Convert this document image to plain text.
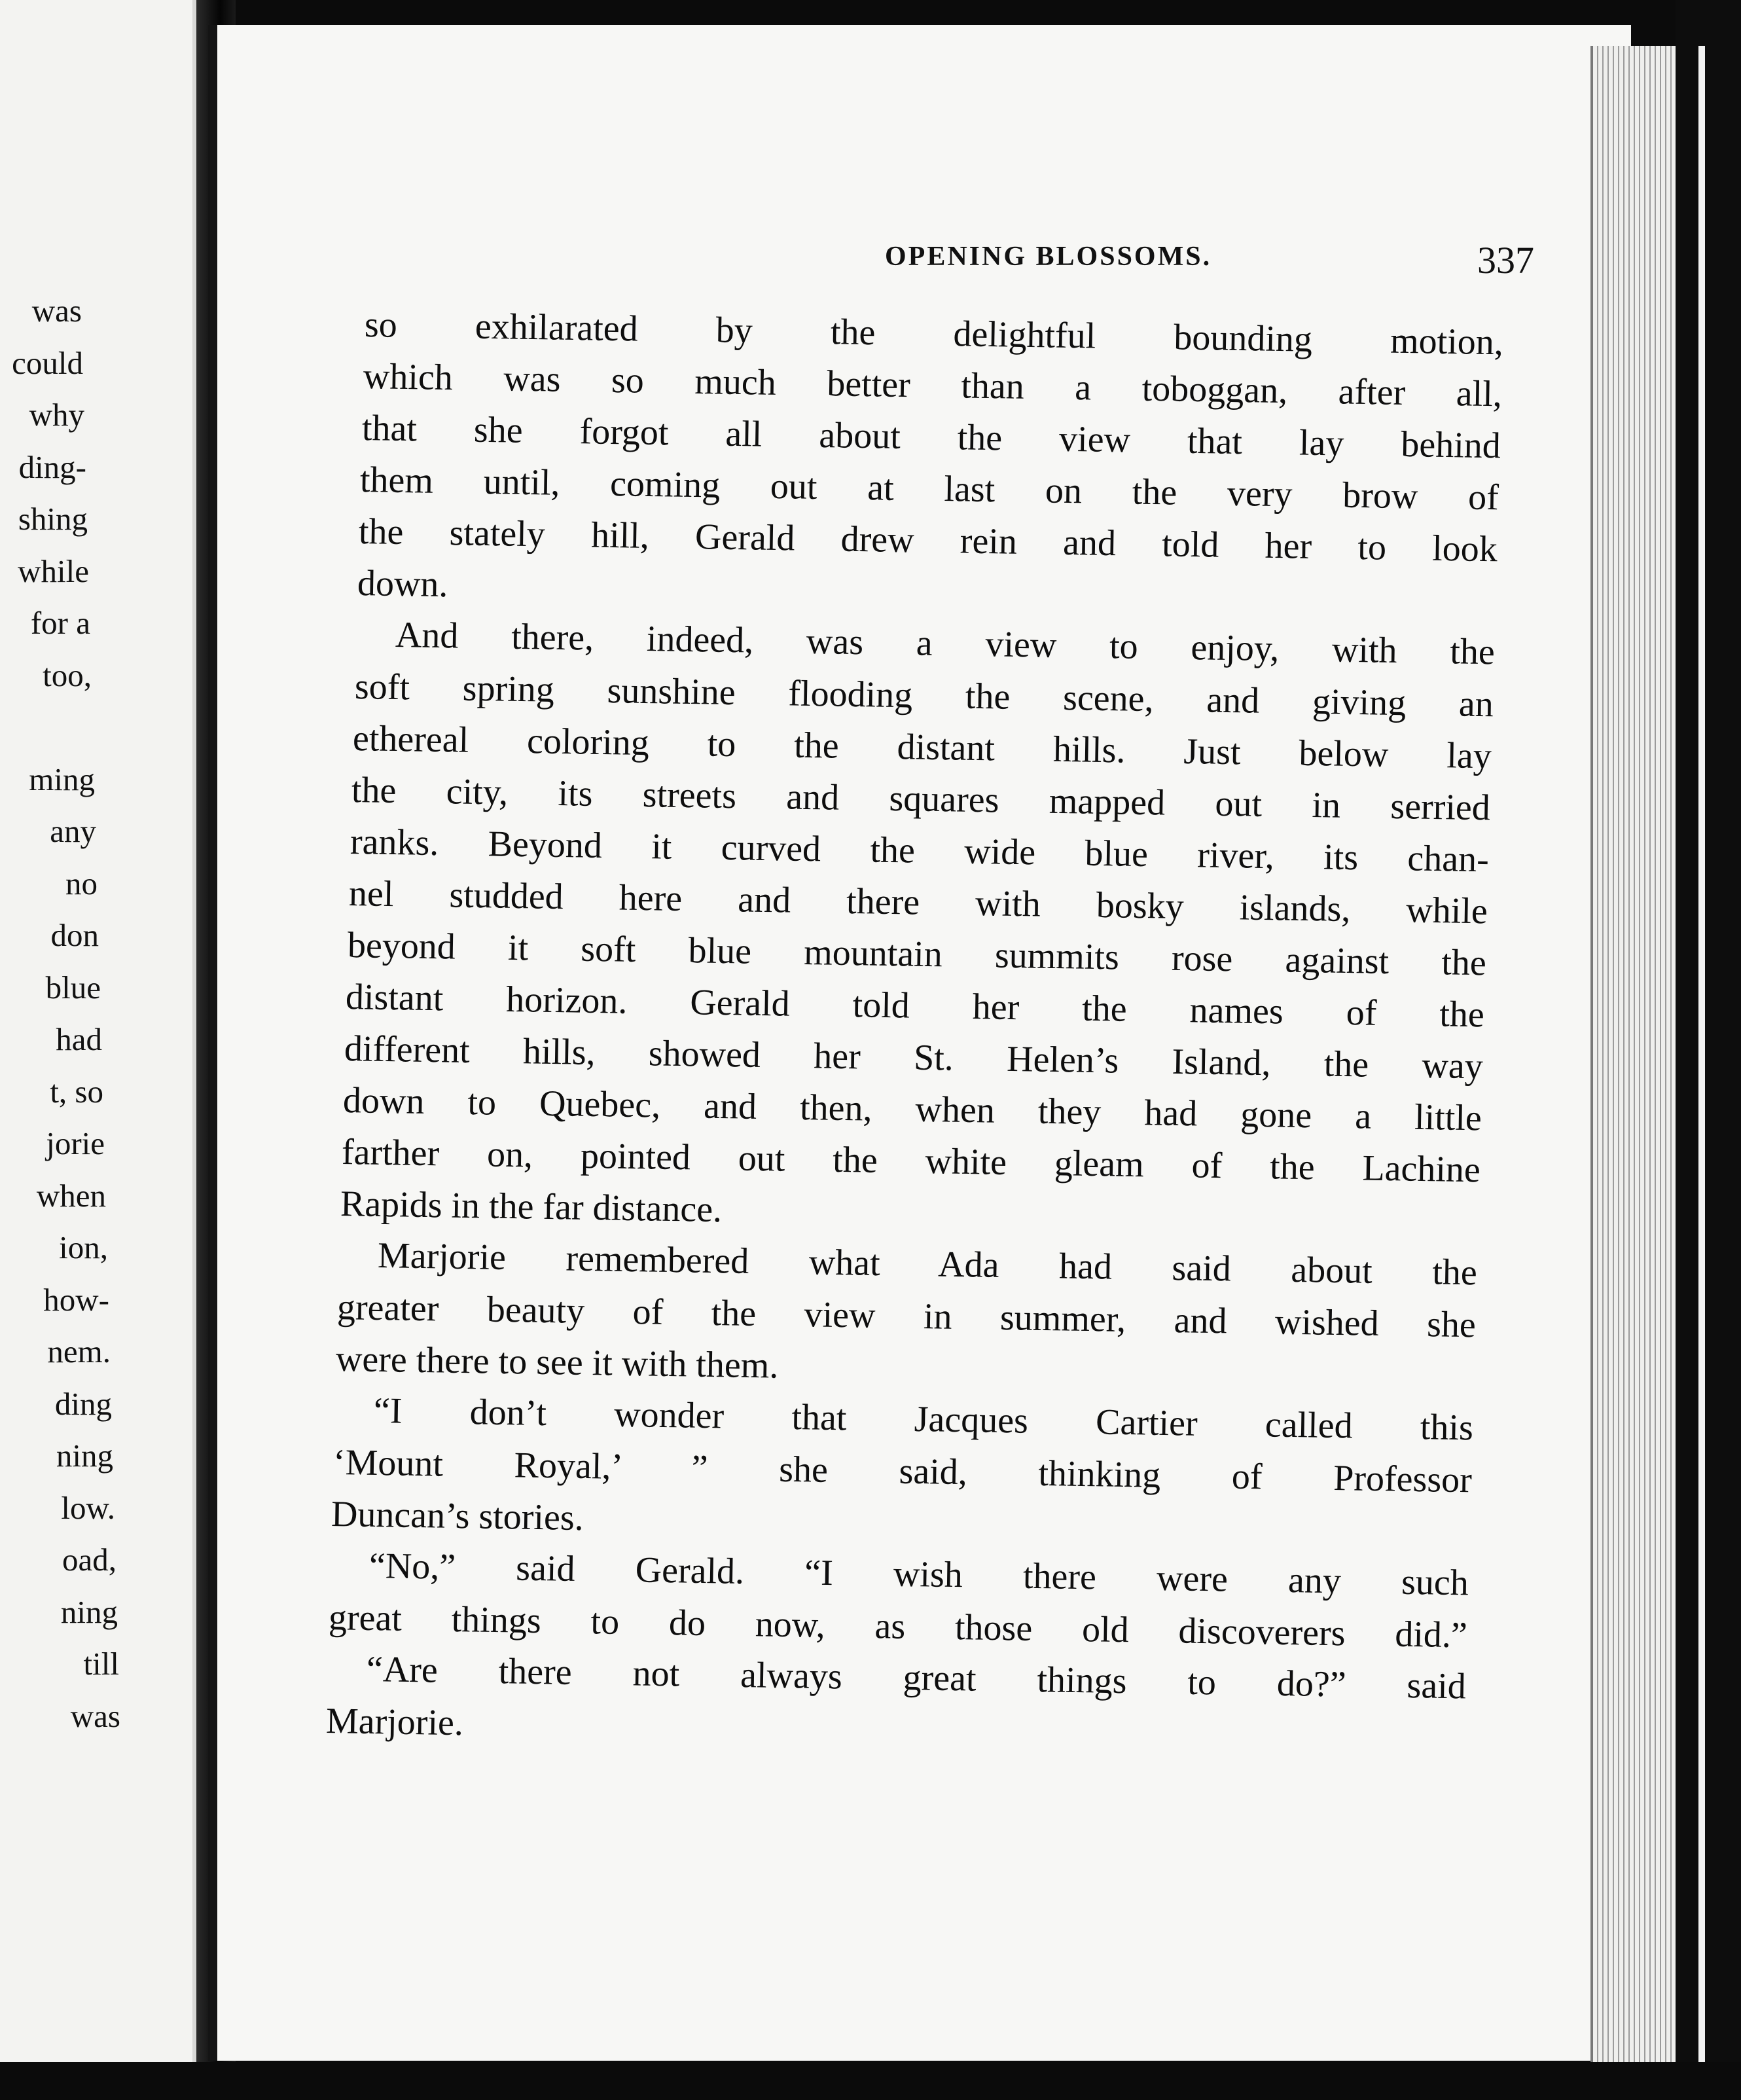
was
could
why
ding-
shing
while
for a
too,
ming
any
no
don
blue
had
t, so
jorie
when
ion,
how-
nem.
ding
ning
low.
oad,
ning
till
was
OPENING BLOSSOMS.	337
so exhilarated by the delightful bounding motion,
which was so much better than a toboggan, after all,
that she forgot all about the view that lay behind
them until, coming out at last on the very brow of
the stately hill, Gerald drew rein and told her to look
down.
And there, indeed, was a view to enjoy, with the
soft spring sunshine flooding the scene, and giving an
ethereal coloring to the distant hills. Just below lay
the city, its streets and squares mapped out in serried
ranks. Beyond it curved the wide blue river, its chan-
nel studded here and there with bosky islands, while
beyond it soft blue mountain summits rose against the
distant horizon. Gerald told her the names of the
different hills, showed her St. Helen’s Island, the way
down to Quebec, and then, when they had gone a little
farther on, pointed out the white gleam of the Lachine
Rapids in the far distance.
Marjorie remembered what Ada had said about the
greater beauty of the view in summer, and wished she
were there to see it with them.
“I don’t wonder that Jacques Cartier called this
‘Mount Royal,’ ” she said, thinking of Professor
Duncan’s stories.
“No,” said Gerald. “I wish there were any such
great things to do now, as those old discoverers did.”
“Are there not always great things to do?” said
Marjorie.
